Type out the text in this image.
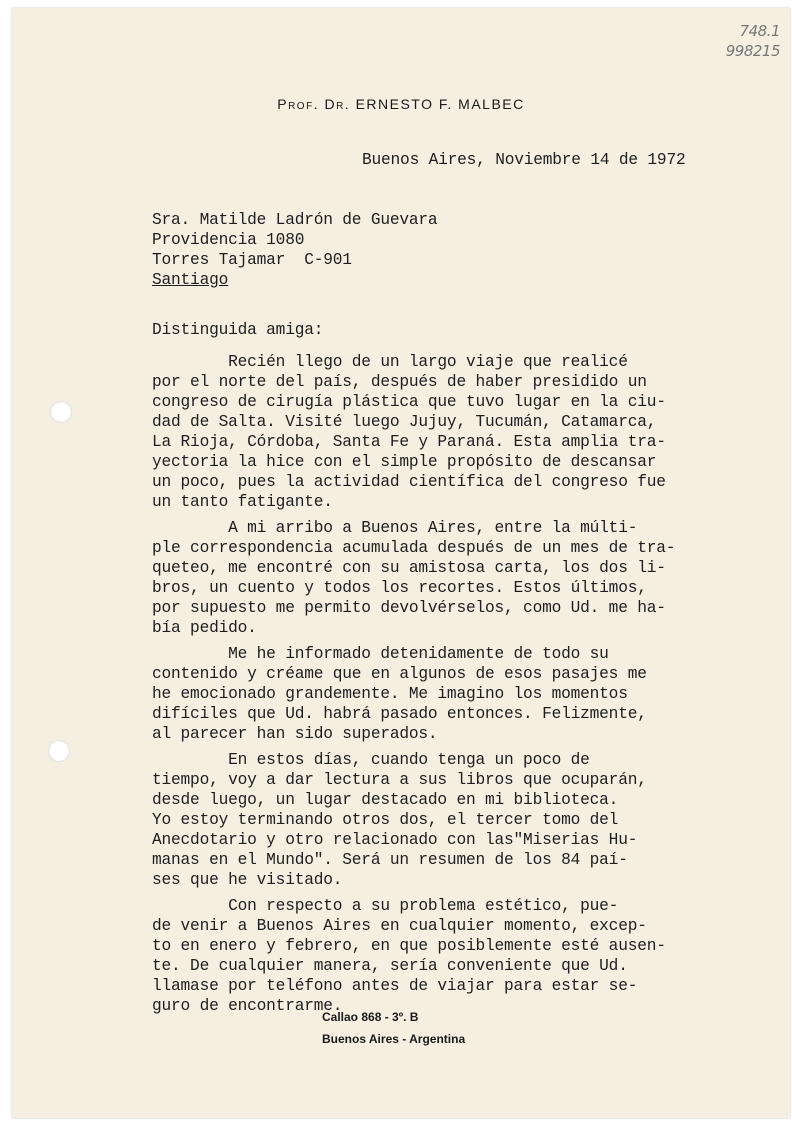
748.1
998215
Prof. Dr. ERNESTO F. MALBEC
Buenos Aires, Noviembre 14 de 1972
Sra. Matilde Ladrón de Guevara
Providencia 1080
Torres Tajamar  C-901
Santiago
Distinguida amiga:
Recién llego de un largo viaje que realicé
por el norte del país, después de haber presidido un
congreso de cirugía plástica que tuvo lugar en la ciu-
dad de Salta. Visité luego Jujuy, Tucumán, Catamarca,
La Rioja, Córdoba, Santa Fe y Paraná. Esta amplia tra-
yectoria la hice con el simple propósito de descansar
un poco, pues la actividad científica del congreso fue
un tanto fatigante.
A mi arribo a Buenos Aires, entre la múlti-
ple correspondencia acumulada después de un mes de tra-
queteo, me encontré con su amistosa carta, los dos li-
bros, un cuento y todos los recortes. Estos últimos,
por supuesto me permito devolvérselos, como Ud. me ha-
bía pedido.
Me he informado detenidamente de todo su
contenido y créame que en algunos de esos pasajes me
he emocionado grandemente. Me imagino los momentos
difíciles que Ud. habrá pasado entonces. Felizmente,
al parecer han sido superados.
En estos días, cuando tenga un poco de
tiempo, voy a dar lectura a sus libros que ocuparán,
desde luego, un lugar destacado en mi biblioteca.
Yo estoy terminando otros dos, el tercer tomo del
Anecdotario y otro relacionado con las"Miserias Hu-
manas en el Mundo". Será un resumen de los 84 paí-
ses que he visitado.
Con respecto a su problema estético, pue-
de venir a Buenos Aires en cualquier momento, excep-
to en enero y febrero, en que posiblemente esté ausen-
te. De cualquier manera, sería conveniente que Ud.
llamase por teléfono antes de viajar para estar se-
guro de encontrarme.
Callao 868 - 3º. B
Buenos Aires - Argentina
